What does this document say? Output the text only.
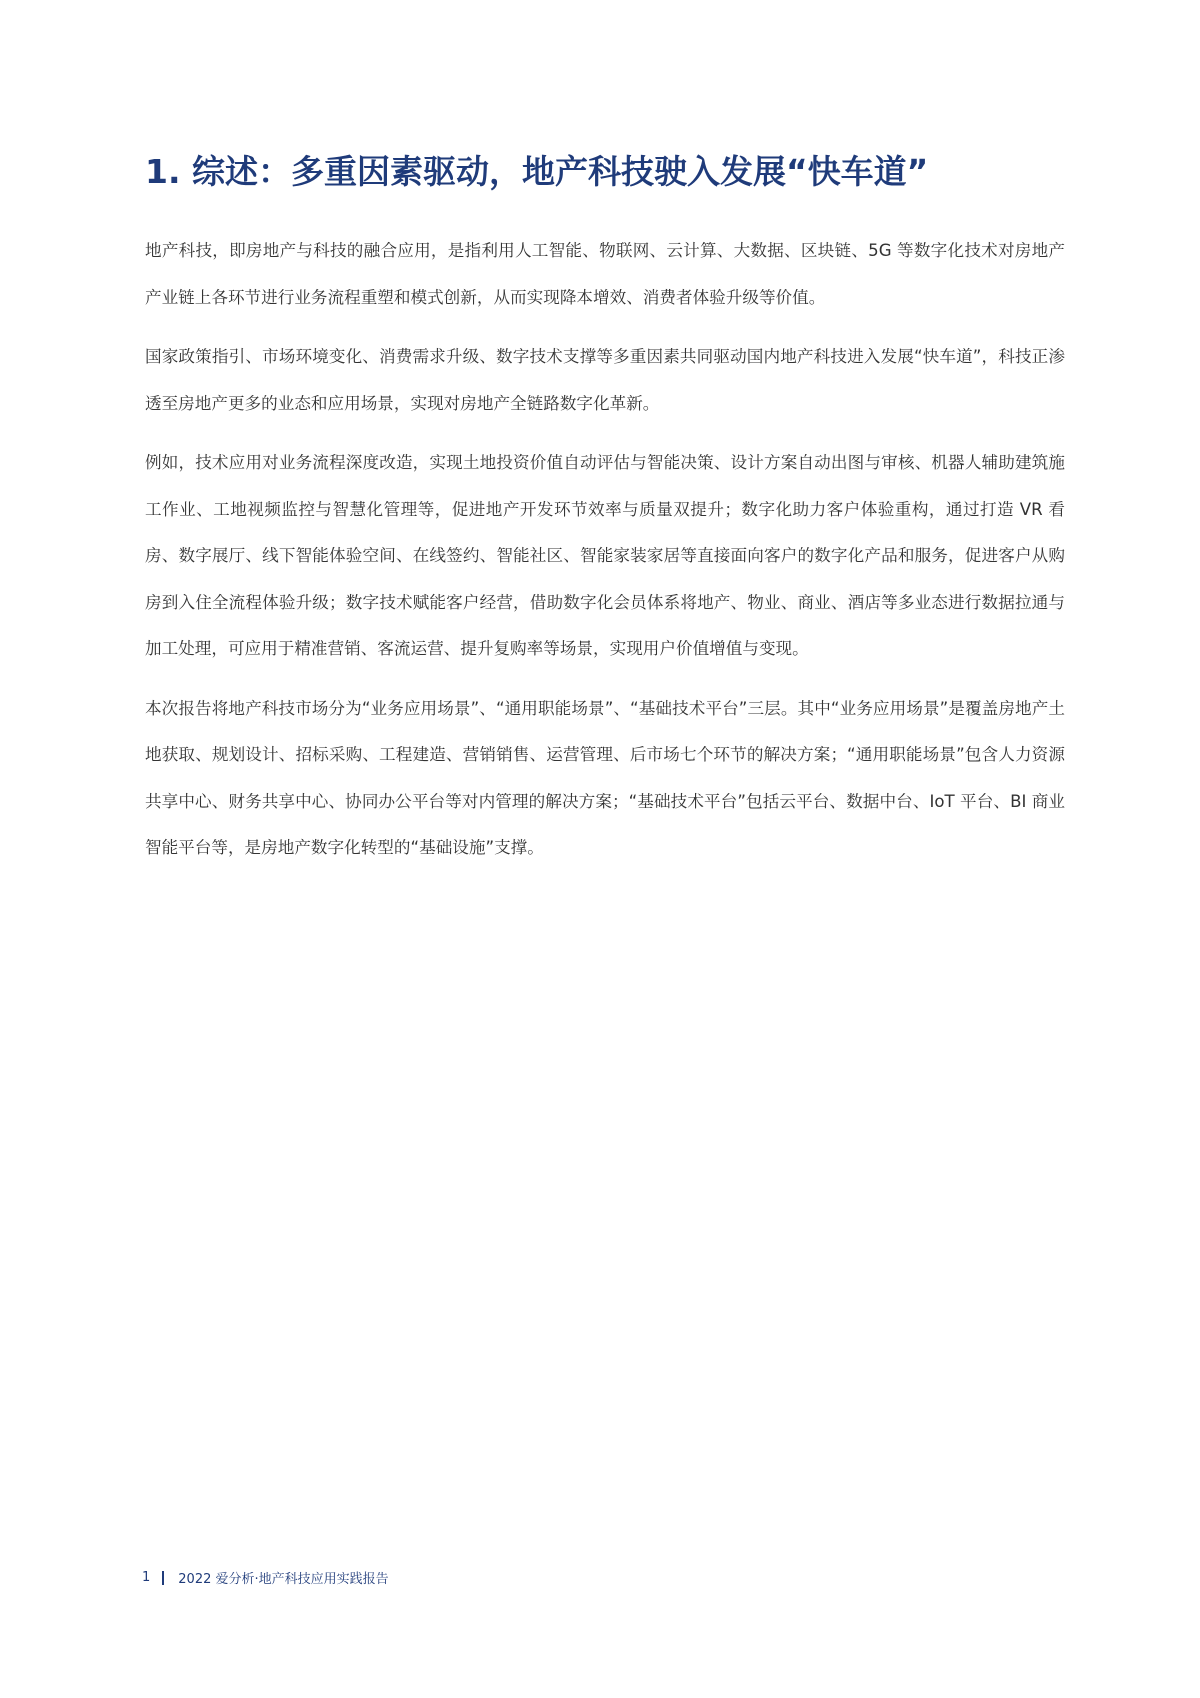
1. 综述：多重因素驱动，地产科技驶入发展“快车道”

地产科技，即房地产与科技的融合应用，是指利用人工智能、物联网、云计算、大数据、区块链、5G 等数字化技术对房地产产业链上各环节进行业务流程重塑和模式创新，从而实现降本增效、消费者体验升级等价值。

国家政策指引、市场环境变化、消费需求升级、数字技术支撑等多重因素共同驱动国内地产科技进入发展“快车道”，科技正渗透至房地产更多的业态和应用场景，实现对房地产全链路数字化革新。

例如，技术应用对业务流程深度改造，实现土地投资价值自动评估与智能决策、设计方案自动出图与审核、机器人辅助建筑施工作业、工地视频监控与智慧化管理等，促进地产开发环节效率与质量双提升；数字化助力客户体验重构，通过打造 VR 看房、数字展厅、线下智能体验空间、在线签约、智能社区、智能家装家居等直接面向客户的数字化产品和服务，促进客户从购房到入住全流程体验升级；数字技术赋能客户经营，借助数字化会员体系将地产、物业、商业、酒店等多业态进行数据拉通与加工处理，可应用于精准营销、客流运营、提升复购率等场景，实现用户价值增值与变现。

本次报告将地产科技市场分为“业务应用场景”、“通用职能场景”、“基础技术平台”三层。其中“业务应用场景”是覆盖房地产土地获取、规划设计、招标采购、工程建造、营销销售、运营管理、后市场七个环节的解决方案；“通用职能场景”包含人力资源共享中心、财务共享中心、协同办公平台等对内管理的解决方案；“基础技术平台”包括云平台、数据中台、IoT 平台、BI 商业智能平台等，是房地产数字化转型的“基础设施”支撑。

1 2022 爱分析·地产科技应用实践报告
